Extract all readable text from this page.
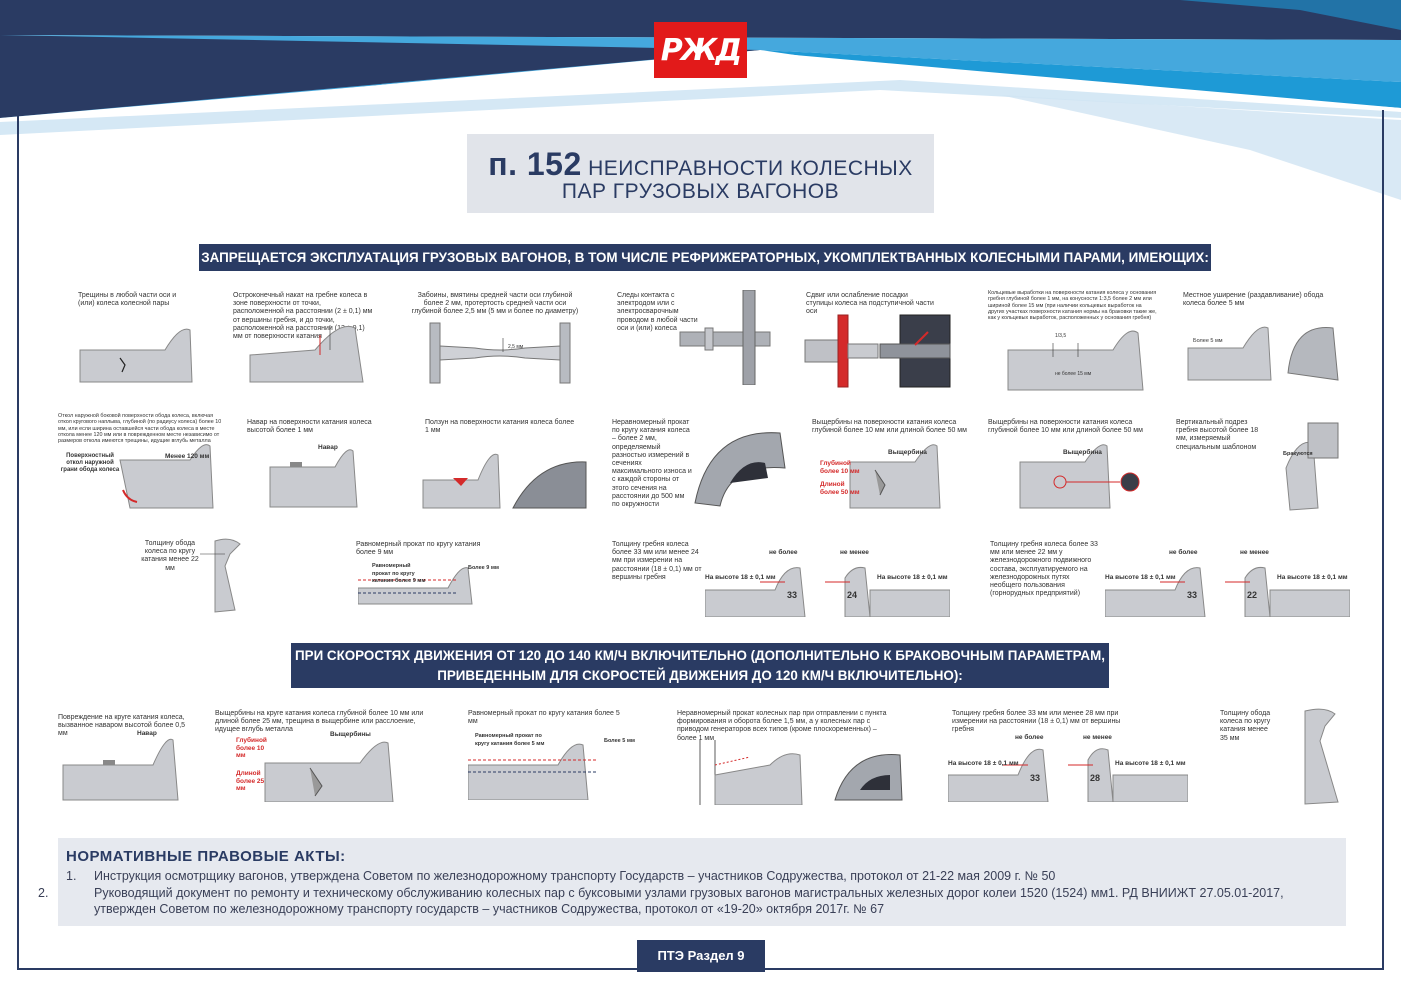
РЖД
п. 152 НЕИСПРАВНОСТИ КОЛЕСНЫХ
ПАР ГРУЗОВЫХ ВАГОНОВ
ЗАПРЕЩАЕТСЯ ЭКСПЛУАТАЦИЯ ГРУЗОВЫХ ВАГОНОВ, В ТОМ ЧИСЛЕ РЕФРИЖЕРАТОРНЫХ, УКОМПЛЕКТВАННЫХ КОЛЕСНЫМИ ПАРАМИ, ИМЕЮЩИХ:
Трещины в любой части оси и (или) колеса колесной пары
Остроконечный накат на гребне колеса в зоне поверхности от точки, расположенной на расстоянии (2 ± 0,1) мм от вершины гребня, и до точки, расположенной на расстоянии (13 ± 0,1) мм от поверхности катания
Забоины, вмятины средней части оси глубиной более 2 мм, протертость средней части оси глубиной более 2,5 мм (5 мм и более по диаметру)
Следы контакта с электродом или с электросварочным проводом в любой части оси и (или) колеса
Сдвиг или ослабление посадки ступицы колеса на подступичной части оси
Кольцевые выработки на поверхности катания колеса у основания гребня глубиной более 1 мм, на конусности 1:3,5 более 2 мм или шириной более 15 мм (при наличии кольцевых выработок на других участках поверхности катания нормы на браковки такие же, как у кольцевых выработок, расположенных у основания гребня)
Местное уширение (раздавливание) обода колеса более 5 мм
2,5 мм
1/3,5
не более 15 мм
Более 5 мм
Откол наружной боковой поверхности обода колеса, включая откол кругового наплыва, глубиной (по радиусу колеса) более 10 мм, или если ширина оставшейся части обода колеса в месте откола менее 120 мм или в поврежденном месте независимо от размеров откола имеются трещины, идущие вглубь металла
Навар на поверхности катания колеса высотой более 1 мм
Ползун на поверхности катания колеса более 1 мм
Неравномерный прокат по кругу катания колеса – более 2 мм, определяемый разностью измерений в сечениях максимального износа и с каждой стороны от этого сечения на расстоянии до 500 мм по окружности
Выщербины на поверхности катания колеса глубиной более 10 мм или длиной более 50 мм
Выщербины на поверхности катания колеса глубиной более 10 мм или длиной более 50 мм
Вертикальный подрез гребня высотой более 18 мм, измеряемый специальным шаблоном
Поверхностный откол наружной грани обода колеса
Менее 120 мм
Навар
Глубиной более 10 мм
Длиной более 50 мм
Выщербина	Выщербина	Бракуются
Толщину обода колеса по кругу катания менее 22 мм
Равномерный прокат по кругу катания более 9 мм
Толщину гребня колеса более 33 мм или менее 24 мм при измерении на расстоянии (18 ± 0,1) мм от вершины гребня
Толщину гребня колеса более 33 мм или менее 22 мм у железнодорожного подвижного состава, эксплуатируемого на железнодорожных путях необщего пользования (горнорудных предприятий)
Равномерный прокат по кругу катания более 9 мм
Более 9 мм
33	24
не более	не менее
На высоте 18 ± 0,1 мм	На высоте 18 ± 0,1 мм
33	22
не более	не менее
На высоте 18 ± 0,1 мм	На высоте 18 ± 0,1 мм
ПРИ СКОРОСТЯХ ДВИЖЕНИЯ ОТ 120 ДО 140 КМ/Ч ВКЛЮЧИТЕЛЬНО (ДОПОЛНИТЕЛЬНО К БРАКОВОЧНЫМ ПАРАМЕТРАМ,
ПРИВЕДЕННЫМ ДЛЯ СКОРОСТЕЙ ДВИЖЕНИЯ ДО 120 КМ/Ч ВКЛЮЧИТЕЛЬНО):
Повреждение на круге катания колеса, вызванное наваром высотой более 0,5 мм
Выщербины на круге катания колеса глубиной более 10 мм или длиной более 25 мм, трещина в выщербине или расслоение, идущее вглубь металла
Равномерный прокат по кругу катания более 5 мм
Неравномерный прокат колесных пар при отправлении с пункта формирования и оборота более 1,5 мм, а у колесных пар с приводом генераторов всех типов (кроме плоскоременных) – более 1 мм
Толщину гребня более 33 мм или менее 28 мм при измерении на расстоянии (18 ± 0,1) мм от вершины гребня
Толщину обода колеса по кругу катания менее 35 мм
Навар
Глубиной более 10 мм
Длиной более 25 мм
Выщербины	Равномерный прокат по кругу катания более 5 мм	Более 5 мм
33	28
не более	не менее
На высоте 18 ± 0,1 мм	На высоте 18 ± 0,1 мм
НОРМАТИВНЫЕ ПРАВОВЫЕ АКТЫ:
1. Инструкция осмотрщику вагонов, утверждена Советом по железнодорожному транспорту Государств – участников Содружества, протокол от 21-22 мая 2009 г. № 50
2.	Руководящий документ по ремонту и техническому обслуживанию колесных пар с буксовыми узлами грузовых вагонов магистральных железных дорог колеи 1520 (1524) мм1. РД ВНИИЖТ 27.05.01-2017, утвержден Советом по железнодорожному транспорту государств – участников Содружества, протокол от «19-20» октября 2017г. № 67
ПТЭ Раздел 9
